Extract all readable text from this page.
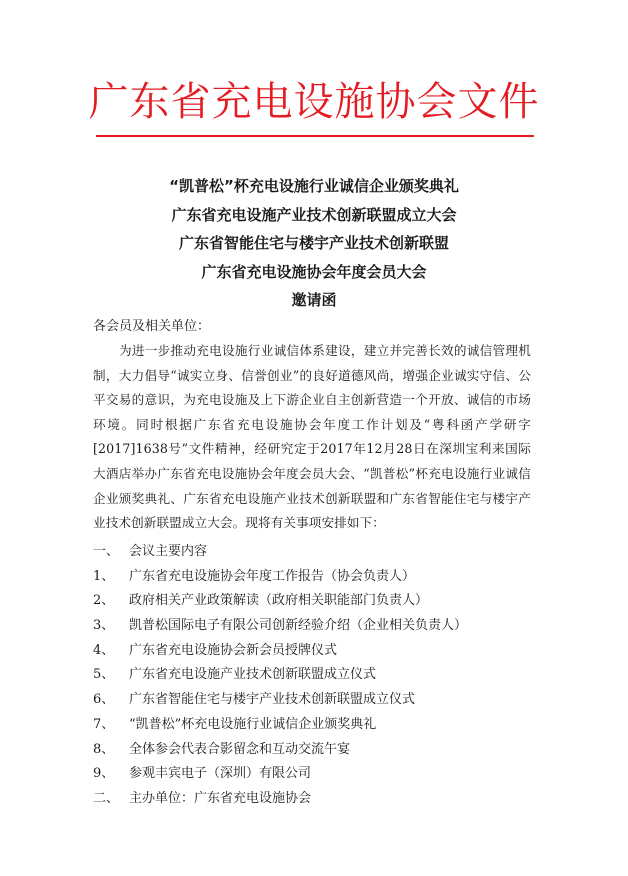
广东省充电设施协会文件
“凯普松”杯充电设施行业诚信企业颁奖典礼
广东省充电设施产业技术创新联盟成立大会
广东省智能住宅与楼宇产业技术创新联盟
广东省充电设施协会年度会员大会
邀请函
各会员及相关单位：
为进一步推动充电设施行业诚信体系建设，建立并完善长效的诚信管理机制，大力倡导“诚实立身、信誉创业”的良好道德风尚，增强企业诚实守信、公平交易的意识，为充电设施及上下游企业自主创新营造一个开放、诚信的市场环境。同时根据广东省充电设施协会年度工作计划及“粤科函产学研字[2017]1638号”文件精神，经研究定于2017年12月28日在深圳宝利来国际大酒店举办广东省充电设施协会年度会员大会、“凯普松”杯充电设施行业诚信企业颁奖典礼、广东省充电设施产业技术创新联盟和广东省智能住宅与楼宇产业技术创新联盟成立大会。现将有关事项安排如下：
一、 会议主要内容
1、 广东省充电设施协会年度工作报告（协会负责人）
2、 政府相关产业政策解读（政府相关职能部门负责人）
3、 凯普松国际电子有限公司创新经验介绍（企业相关负责人）
4、 广东省充电设施协会新会员授牌仪式
5、 广东省充电设施产业技术创新联盟成立仪式
6、 广东省智能住宅与楼宇产业技术创新联盟成立仪式
7、 “凯普松”杯充电设施行业诚信企业颁奖典礼
8、 全体参会代表合影留念和互动交流午宴
9、 参观丰宾电子（深圳）有限公司
二、 主办单位：广东省充电设施协会
